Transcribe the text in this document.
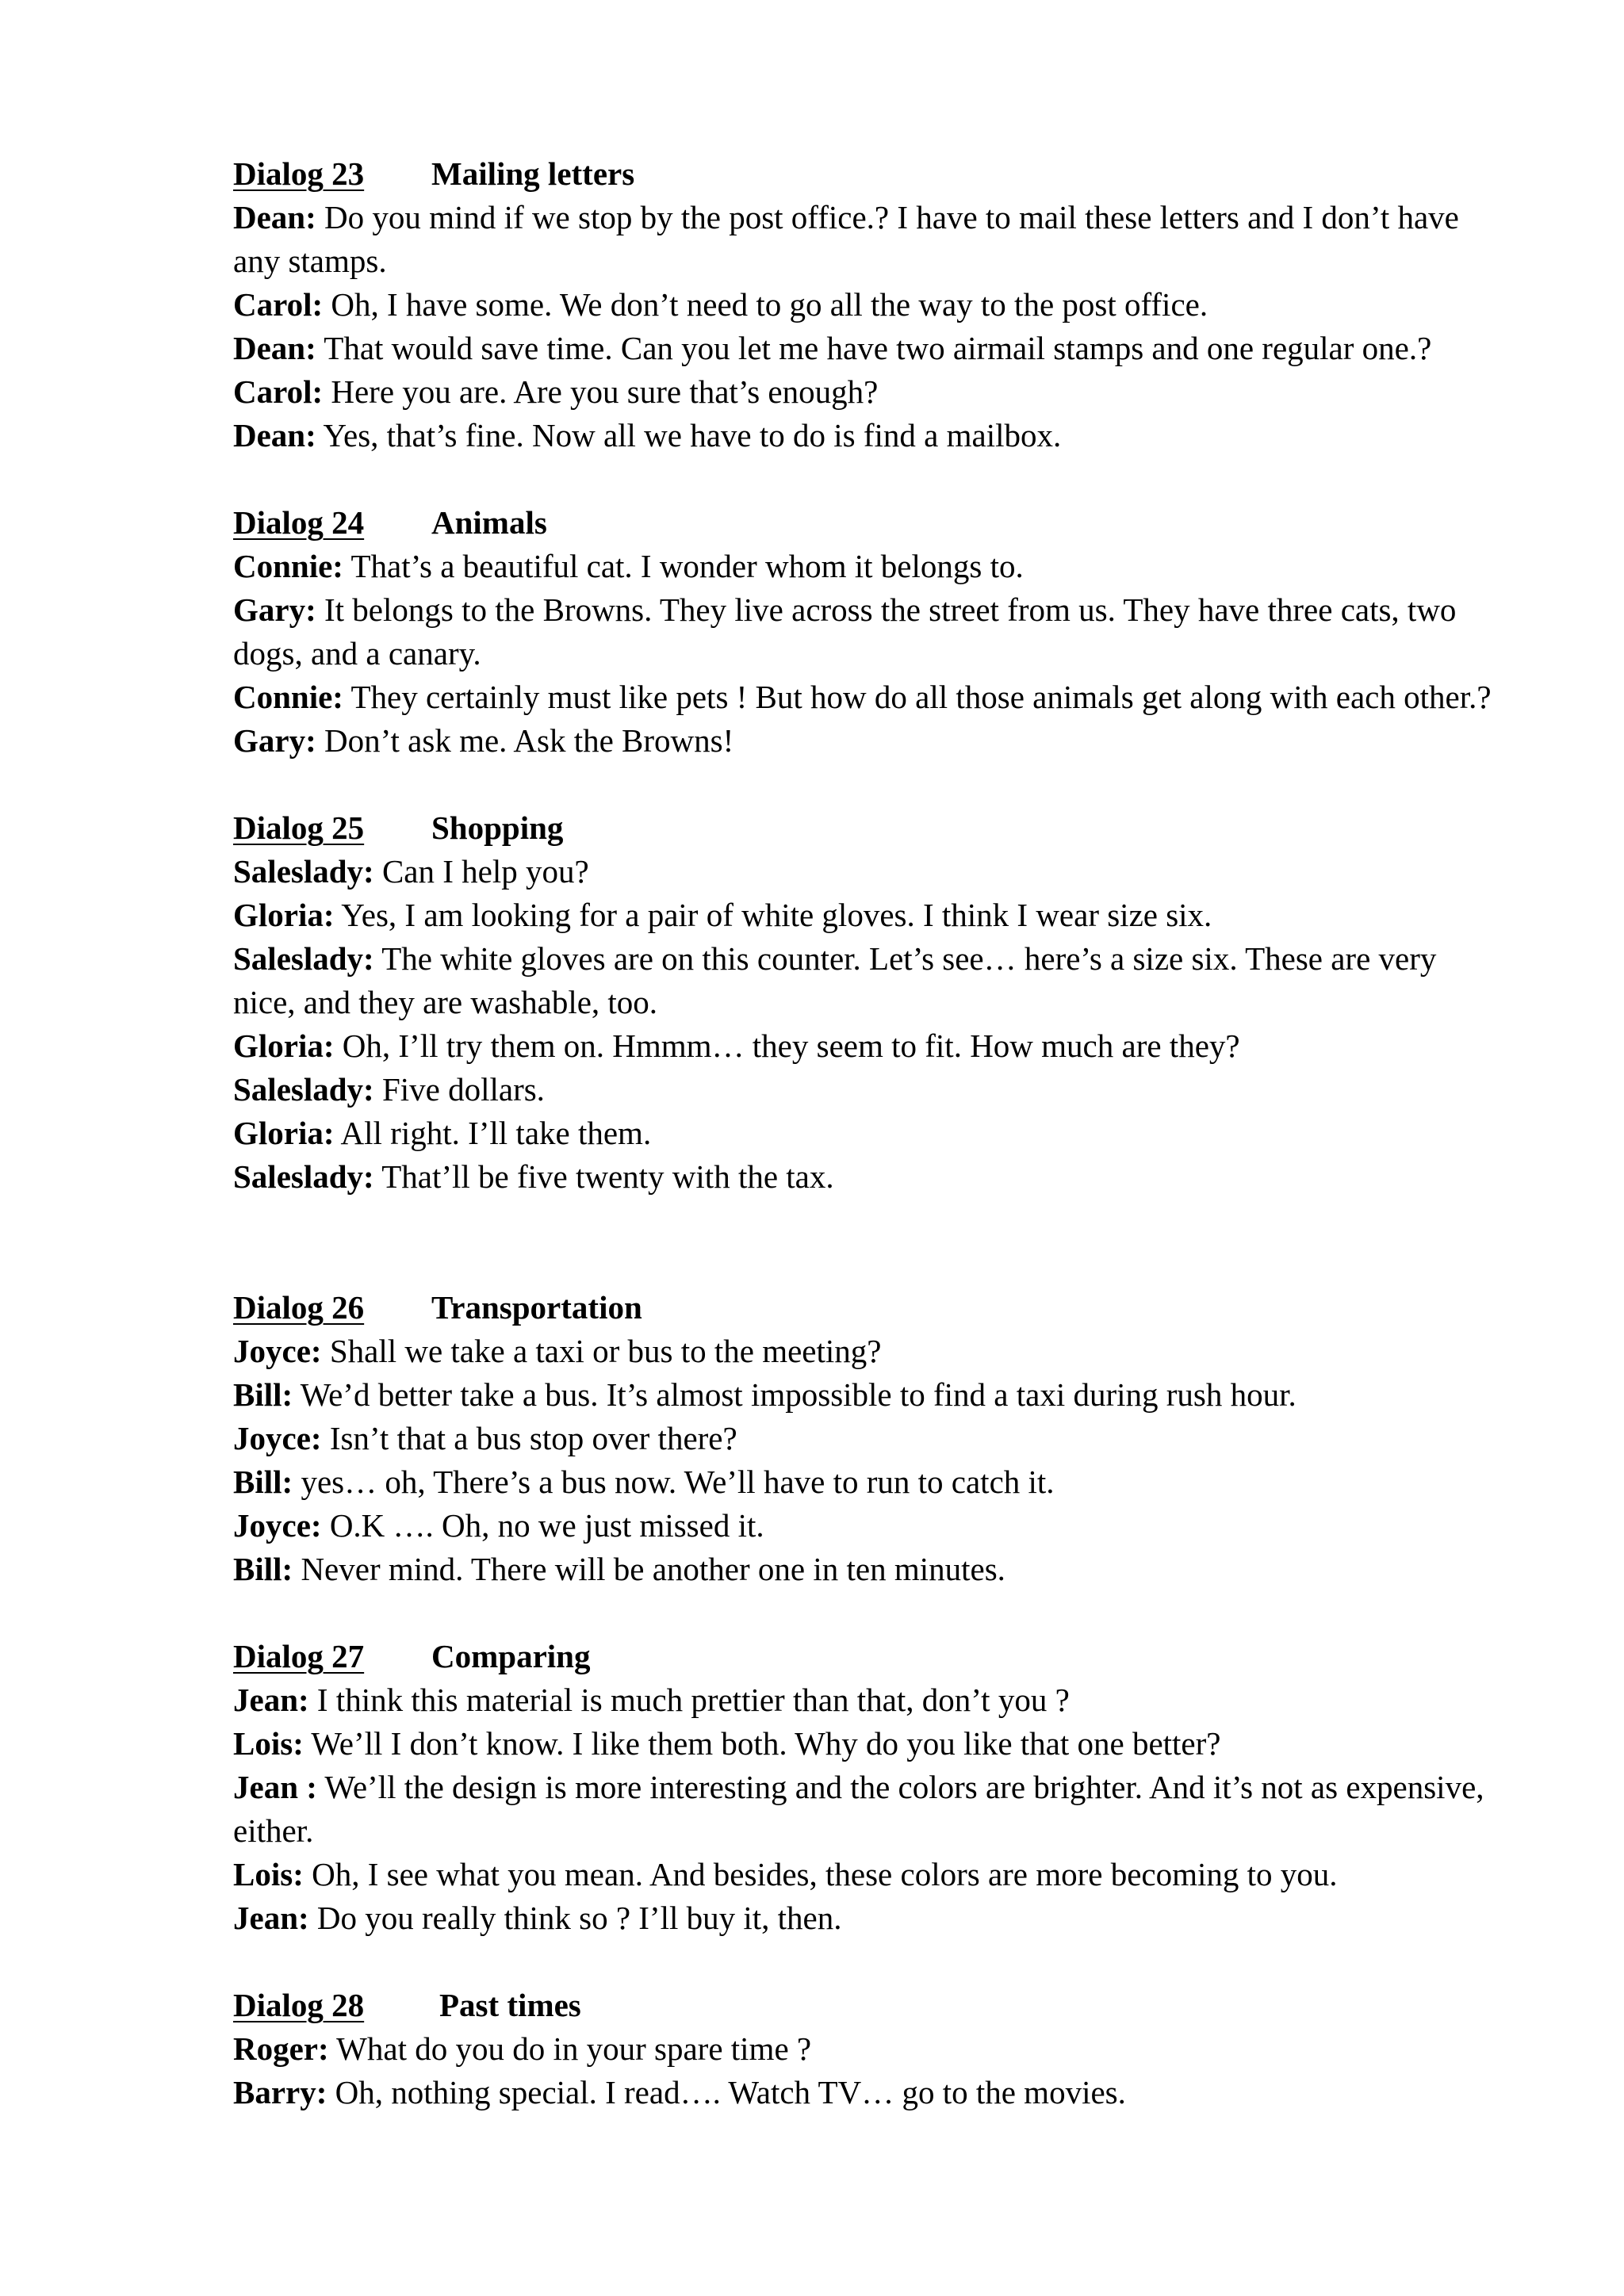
Dialog 23 Mailing letters

Dean: Do you mind if we stop by the post office.? I have to mail these letters and I don’t have any stamps.

Carol: Oh, I have some. We don’t need to go all the way to the post office.

Dean: That would save time. Can you let me have two airmail stamps and one regular one.?

Carol: Here you are. Are you sure that’s enough?

Dean: Yes, that’s fine. Now all we have to do is find a mailbox.

Dialog 24 Animals

Connie: That’s a beautiful cat. I wonder whom it belongs to.

Gary: It belongs to the Browns. They live across the street from us. They have three cats, two dogs, and a canary.

Connie: They certainly must like pets ! But how do all those animals get along with each other.?

Gary: Don’t ask me. Ask the Browns!

Dialog 25 Shopping

Saleslady: Can I help you?

Gloria: Yes, I am looking for a pair of white gloves. I think I wear size six.

Saleslady: The white gloves are on this counter. Let’s see… here’s a size six. These are very nice, and they are washable, too.

Gloria: Oh, I’ll try them on. Hmmm… they seem to fit. How much are they?

Saleslady: Five dollars.

Gloria: All right. I’ll take them.

Saleslady: That’ll be five twenty with the tax.

Dialog 26 Transportation

Joyce: Shall we take a taxi or bus to the meeting?

Bill: We’d better take a bus. It’s almost impossible to find a taxi during rush hour.

Joyce: Isn’t that a bus stop over there?

Bill: yes… oh, There’s a bus now. We’ll have to run to catch it.

Joyce: O.K …. Oh, no we just missed it.

Bill: Never mind. There will be another one in ten minutes.

Dialog 27 Comparing

Jean: I think this material is much prettier than that, don’t you ?

Lois: We’ll I don’t know. I like them both. Why do you like that one better?

Jean : We’ll the design is more interesting and the colors are brighter. And it’s not as expensive, either.

Lois: Oh, I see what you mean. And besides, these colors are more becoming to you.

Jean: Do you really think so ? I’ll buy it, then.

Dialog 28 Past times

Roger: What do you do in your spare time ?

Barry: Oh, nothing special. I read…. Watch TV… go to the movies.
